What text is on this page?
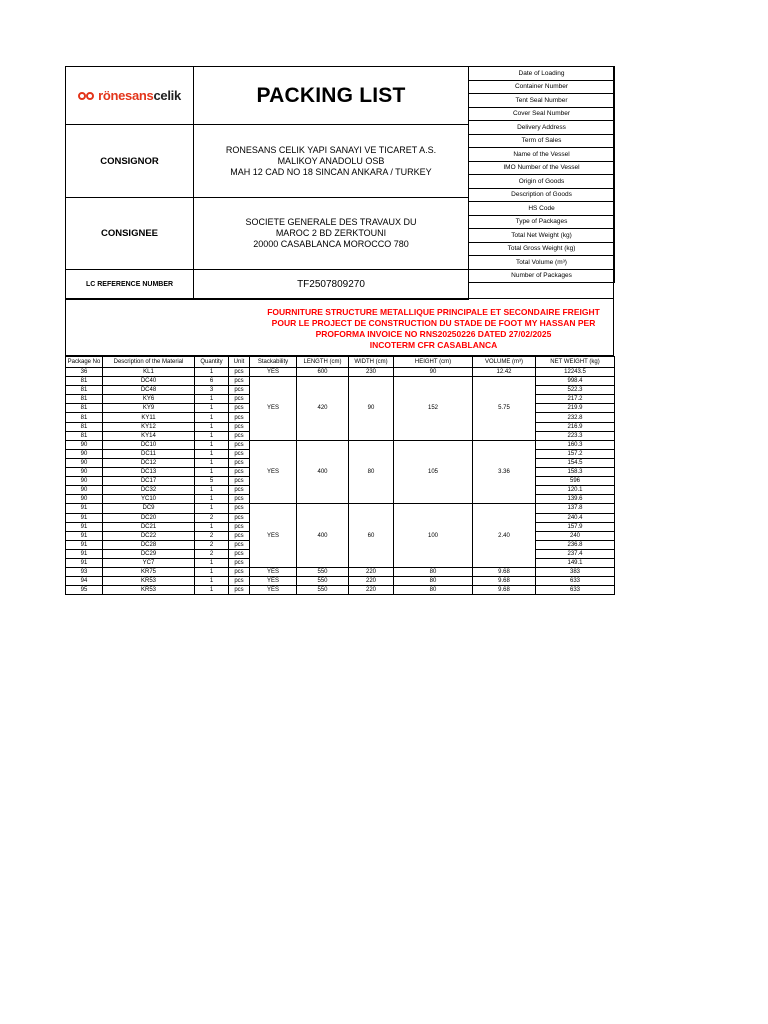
rönesanscelik	PACKING LIST
CONSIGNOR
RONESANS CELIK YAPI SANAYI VE TICARET A.S.
MALIKOY ANADOLU OSB
MAH 12 CAD NO 18 SINCAN ANKARA / TURKEY
CONSIGNEE
SOCIETE GENERALE DES TRAVAUX DU
MAROC 2 BD ZERKTOUNI
20000 CASABLANCA MOROCCO 780
LC REFERENCE NUMBER	TF2507809270
Date of Loading
Container Number
Tent Seal Number
Cover Seal Number
Delivery Address
Term of Sales
Name of the Vessel
IMO Number of the Vessel
Origin of Goods
Description of Goods
HS Code
Type of Packages
Total Net Weight (kg)
Total Gross Weight (kg)
Total Volume (m³)
Number of Packages
FOURNITURE STRUCTURE METALLIQUE PRINCIPALE ET SECONDAIRE FREIGHT
POUR LE PROJECT DE CONSTRUCTION DU STADE DE FOOT MY HASSAN PER
PROFORMA INVOICE NO RNS20250226 DATED 27/02/2025
INCOTERM CFR CASABLANCA
Package No	Description of the Material	Quantity	Unit	Stackability	LENGTH (cm)	WIDTH (cm)	HEIGHT (cm)	VOLUME (m³)	NET WEIGHT (kg)
36	KL1	1	pcs	YES	600	230	90	12.42	12243.5
81	DC40	6	pcs	YES	420	90	152	5.75	998.4
81	DC48	3	pcs						522.3
81	KY6	1	pcs						217.2
81	KY9	1	pcs						219.9
81	KY11	1	pcs						232.8
81	KY12	1	pcs						216.9
81	KY14	1	pcs						223.3
90	DC10	1	pcs	YES	400	80	105	3.36	160.3
90	DC11	1	pcs						157.2
90	DC12	1	pcs						154.5
90	DC13	1	pcs						158.3
90	DC17	5	pcs						596
90	DC32	1	pcs						120.1
90	YC10	1	pcs						139.6
91	DC9	1	pcs	YES	400	60	100	2.40	137.8
91	DC20	2	pcs						240.4
91	DC21	1	pcs						157.9
91	DC22	2	pcs						240
91	DC28	2	pcs						236.8
91	DC29	2	pcs						237.4
91	YC7	1	pcs						149.1
93	KR75	1	pcs	YES	550	220	80	9.68	383
94	KR53	1	pcs	YES	550	220	80	9.68	633
95	KR53	1	pcs	YES	550	220	80	9.68	633
